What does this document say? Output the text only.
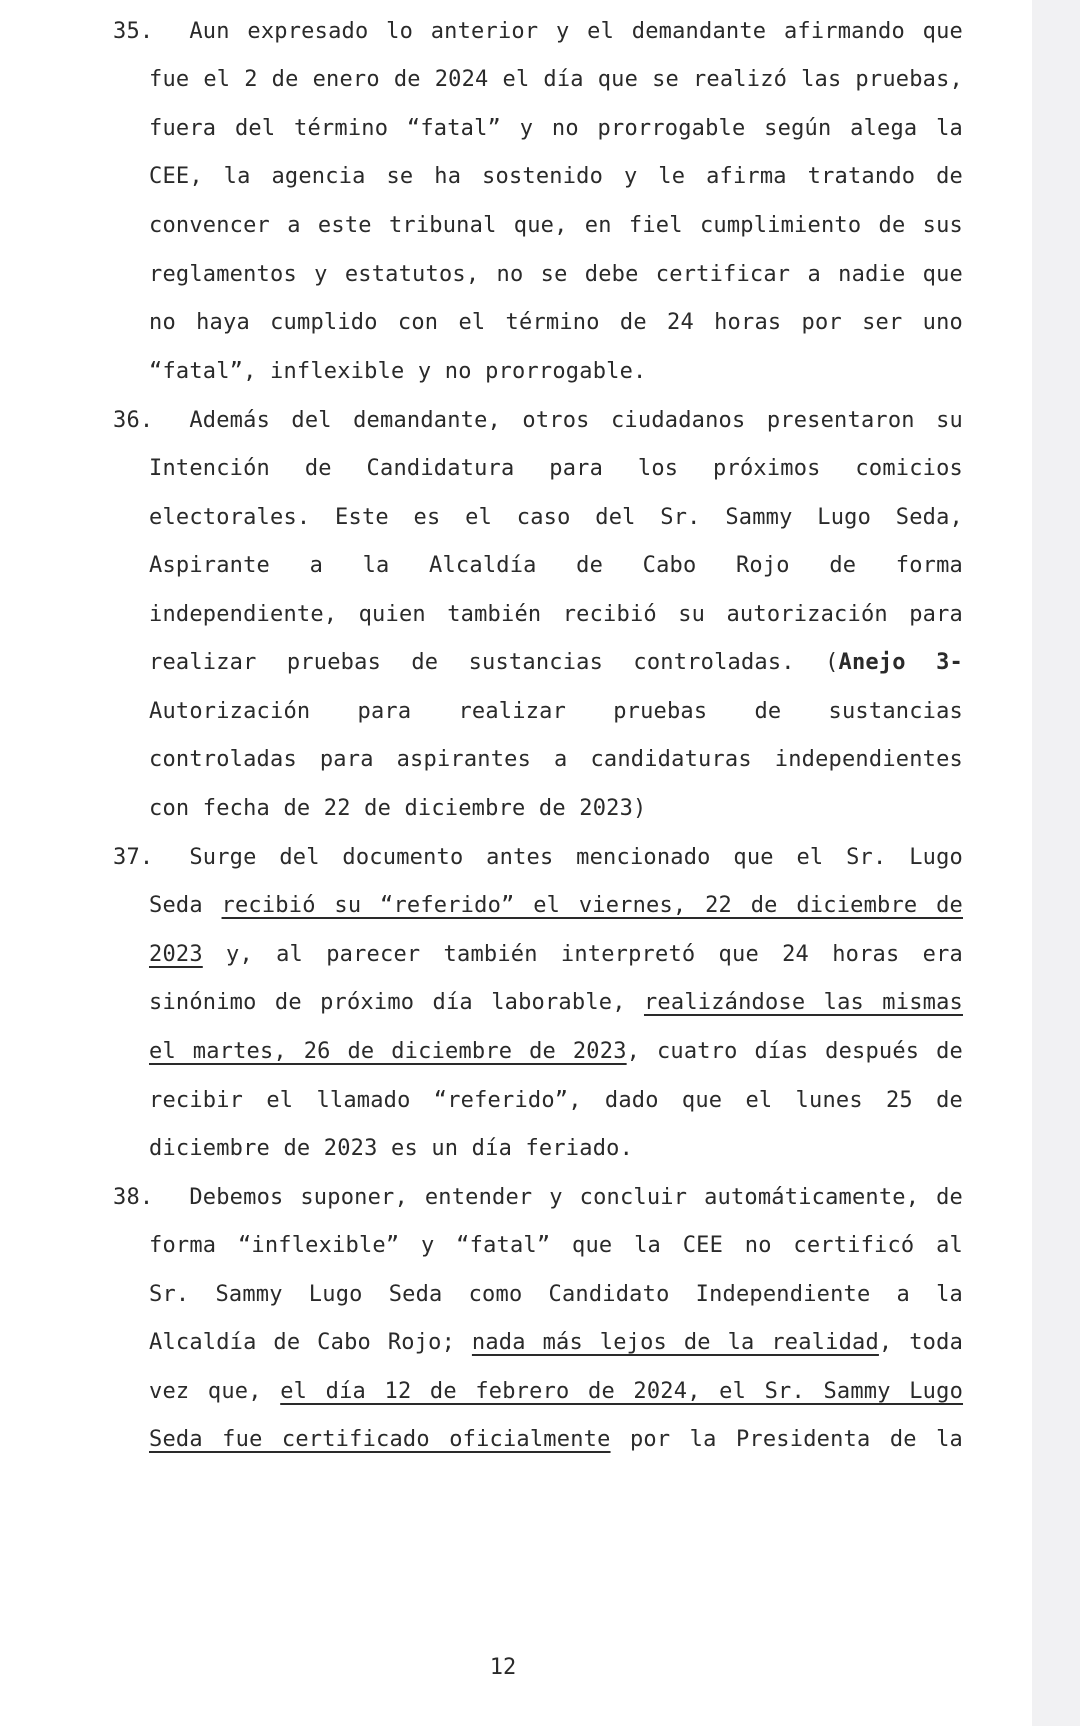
35. Aun expresado lo anterior y el demandante afirmando que
fue el 2 de enero de 2024 el día que se realizó las pruebas,
fuera del término “fatal” y no prorrogable según alega la
CEE, la agencia se ha sostenido y le afirma tratando de
convencer a este tribunal que, en fiel cumplimiento de sus
reglamentos y estatutos, no se debe certificar a nadie que
no haya cumplido con el término de 24 horas por ser uno
“fatal”, inflexible y no prorrogable.
36. Además del demandante, otros ciudadanos presentaron su
Intención de Candidatura para los próximos comicios
electorales. Este es el caso del Sr. Sammy Lugo Seda,
Aspirante a la Alcaldía de Cabo Rojo de forma
independiente, quien también recibió su autorización para
realizar pruebas de sustancias controladas. (Anejo 3-
Autorización para realizar pruebas de sustancias
controladas para aspirantes a candidaturas independientes
con fecha de 22 de diciembre de 2023)
37. Surge del documento antes mencionado que el Sr. Lugo
Seda recibió su “referido” el viernes, 22 de diciembre de
2023 y, al parecer también interpretó que 24 horas era
sinónimo de próximo día laborable, realizándose las mismas
el martes, 26 de diciembre de 2023, cuatro días después de
recibir el llamado “referido”, dado que el lunes 25 de
diciembre de 2023 es un día feriado.
38. Debemos suponer, entender y concluir automáticamente, de
forma “inflexible” y “fatal” que la CEE no certificó al
Sr. Sammy Lugo Seda como Candidato Independiente a la
Alcaldía de Cabo Rojo; nada más lejos de la realidad, toda
vez que, el día 12 de febrero de 2024, el Sr. Sammy Lugo
Seda fue certificado oficialmente por la Presidenta de la
12
